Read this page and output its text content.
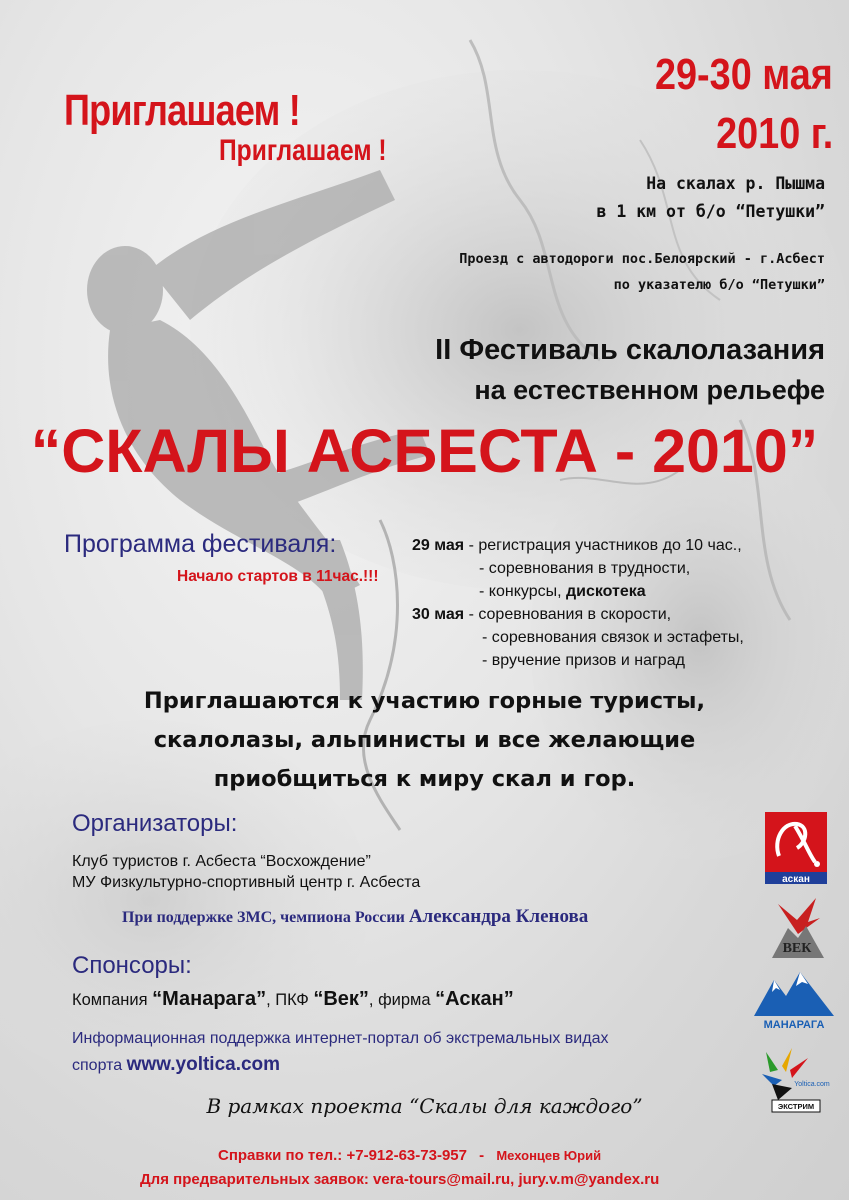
Приглашаем !
Приглашаем !
29-30 мая
2010 г.
На скалах р. Пышма
в 1 км от б/о “Петушки”
Проезд с автодороги пос.Белоярский - г.Асбест
по указателю б/о “Петушки”
II Фестиваль скалолазания
на естественном рельефе
“СКАЛЫ АСБЕСТА - 2010”
Программа фестиваля:
Начало стартов в 11час.!!!
29 мая - регистрация участников до 10 час.,
- соревнования в трудности,
- конкурсы, дискотека
30 мая - соревнования в скорости,
- соревнования связок и эстафеты,
- вручение призов и наград
Приглашаются к участию горные туристы,
скалолазы, альпинисты и все желающие
приобщиться к миру скал и гор.
Организаторы:
Клуб туристов г. Асбеста “Восхождение”
МУ Физкультурно-спортивный центр г. Асбеста
При поддержке ЗМС, чемпиона России Александра Кленова
Спонсоры:
Компания “Манарага”, ПКФ “Век”, фирма “Аскан”
Информационная поддержка интернет-портал об экстремальных видах
спорта www.yoltica.com
В рамках проекта “Скалы для каждого”
Справки по тел.: +7-912-63-73-957 - Мехонцев Юрий
Для предварительных заявок: vera-tours@mail.ru, jury.v.m@yandex.ru
аскан
ВЕК
МАНАРАГА
Yoltica.com
ЭКСТРИМ
